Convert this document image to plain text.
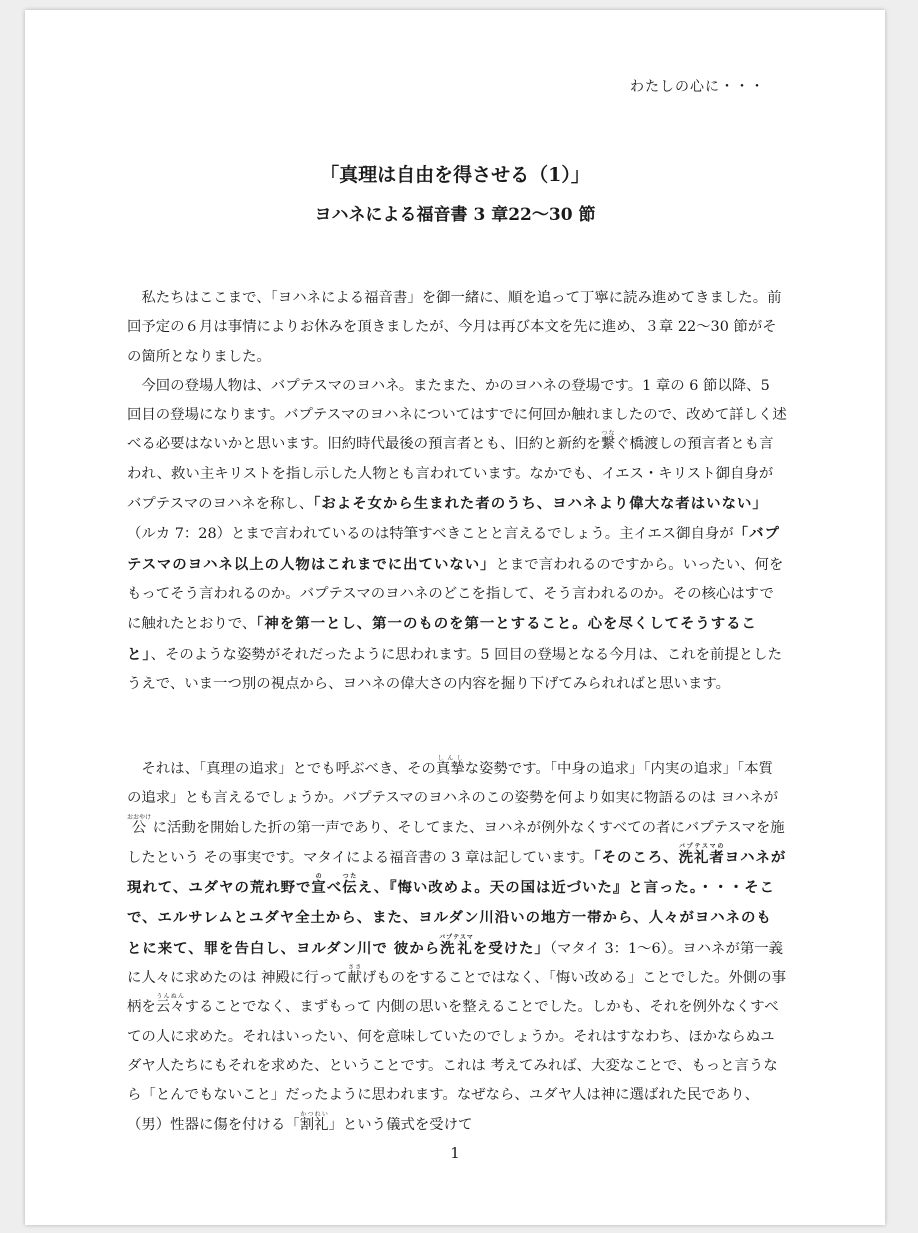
わたしの心に・・・
「真理は自由を得させる（1）」
ヨハネによる福音書 3 章22〜30 節

私たちはここまで、「ヨハネによる福音書」を御一緒に、順を追って丁寧に読み進めてきました。前回予定の６月は事情によりお休みを頂きましたが、今月は再び本文を先に進め、３章 22〜30 節がその箇所となりました。

今回の登場人物は、バプテスマのヨハネ。またまた、かのヨハネの登場です。1 章の 6 節以降、5 回目の登場になります。バプテスマのヨハネについてはすでに何回か触れましたので、改めて詳しく述べる必要はないかと思います。旧約時代最後の預言者とも、旧約と新約を繋つなぐ橋渡しの預言者とも言われ、救い主キリストを指し示した人物とも言われています。なかでも、イエス・キリスト御自身がバプテスマのヨハネを称し、「およそ女から生まれた者のうち、ヨハネより偉大な者はいない」（ルカ 7：28）とまで言われているのは特筆すべきことと言えるでしょう。主イエス御自身が「バプテスマのヨハネ以上の人物はこれまでに出ていない」とまで言われるのですから。いったい、何をもってそう言われるのか。バプテスマのヨハネのどこを指して、そう言われるのか。その核心はすでに触れたとおりで、「神を第一とし、第一のものを第一とすること。心を尽くしてそうすること」、そのような姿勢がそれだったように思われます。5 回目の登場となる今月は、これを前提としたうえで、いま一つ別の視点から、ヨハネの偉大さの内容を掘り下げてみられればと思います。

それは、「真理の追求」とでも呼ぶべき、その真摯しんしな姿勢です。「中身の追求」「内実の追求」「本質の追求」とも言えるでしょうか。バプテスマのヨハネのこの姿勢を何より如実に物語るのは ヨハネが 公おおやけ に活動を開始した折の第一声であり、そしてまた、ヨハネが例外なくすべての者にバプテスマを施したという その事実です。マタイによる福音書の 3 章は記しています。「そのころ、洗礼者バプテスマのヨハネが現れて、ユダヤの荒れ野で宣のべ伝つたえ、『悔い改めよ。天の国は近づいた』と言った。・・・そこで、エルサレムとユダヤ全土から、また、ヨルダン川沿いの地方一帯から、人々がヨハネのもとに来て、罪を告白し、ヨルダン川で 彼から洗礼バプテスマを受けた」（マタイ 3：1〜6）。ヨハネが第一義に人々に求めたのは 神殿に行って献ささげものをすることではなく、「悔い改める」ことでした。外側の事柄を云々うんぬんすることでなく、まずもって 内側の思いを整えることでした。しかも、それを例外なくすべての人に求めた。それはいったい、何を意味していたのでしょうか。それはすなわち、ほかならぬユダヤ人たちにもそれを求めた、ということです。これは 考えてみれば、大変なことで、もっと言うなら「とんでもないこと」だったように思われます。なぜなら、ユダヤ人は神に選ばれた民であり、（男）性器に傷を付ける「割礼かつれい」という儀式を受けて

1
